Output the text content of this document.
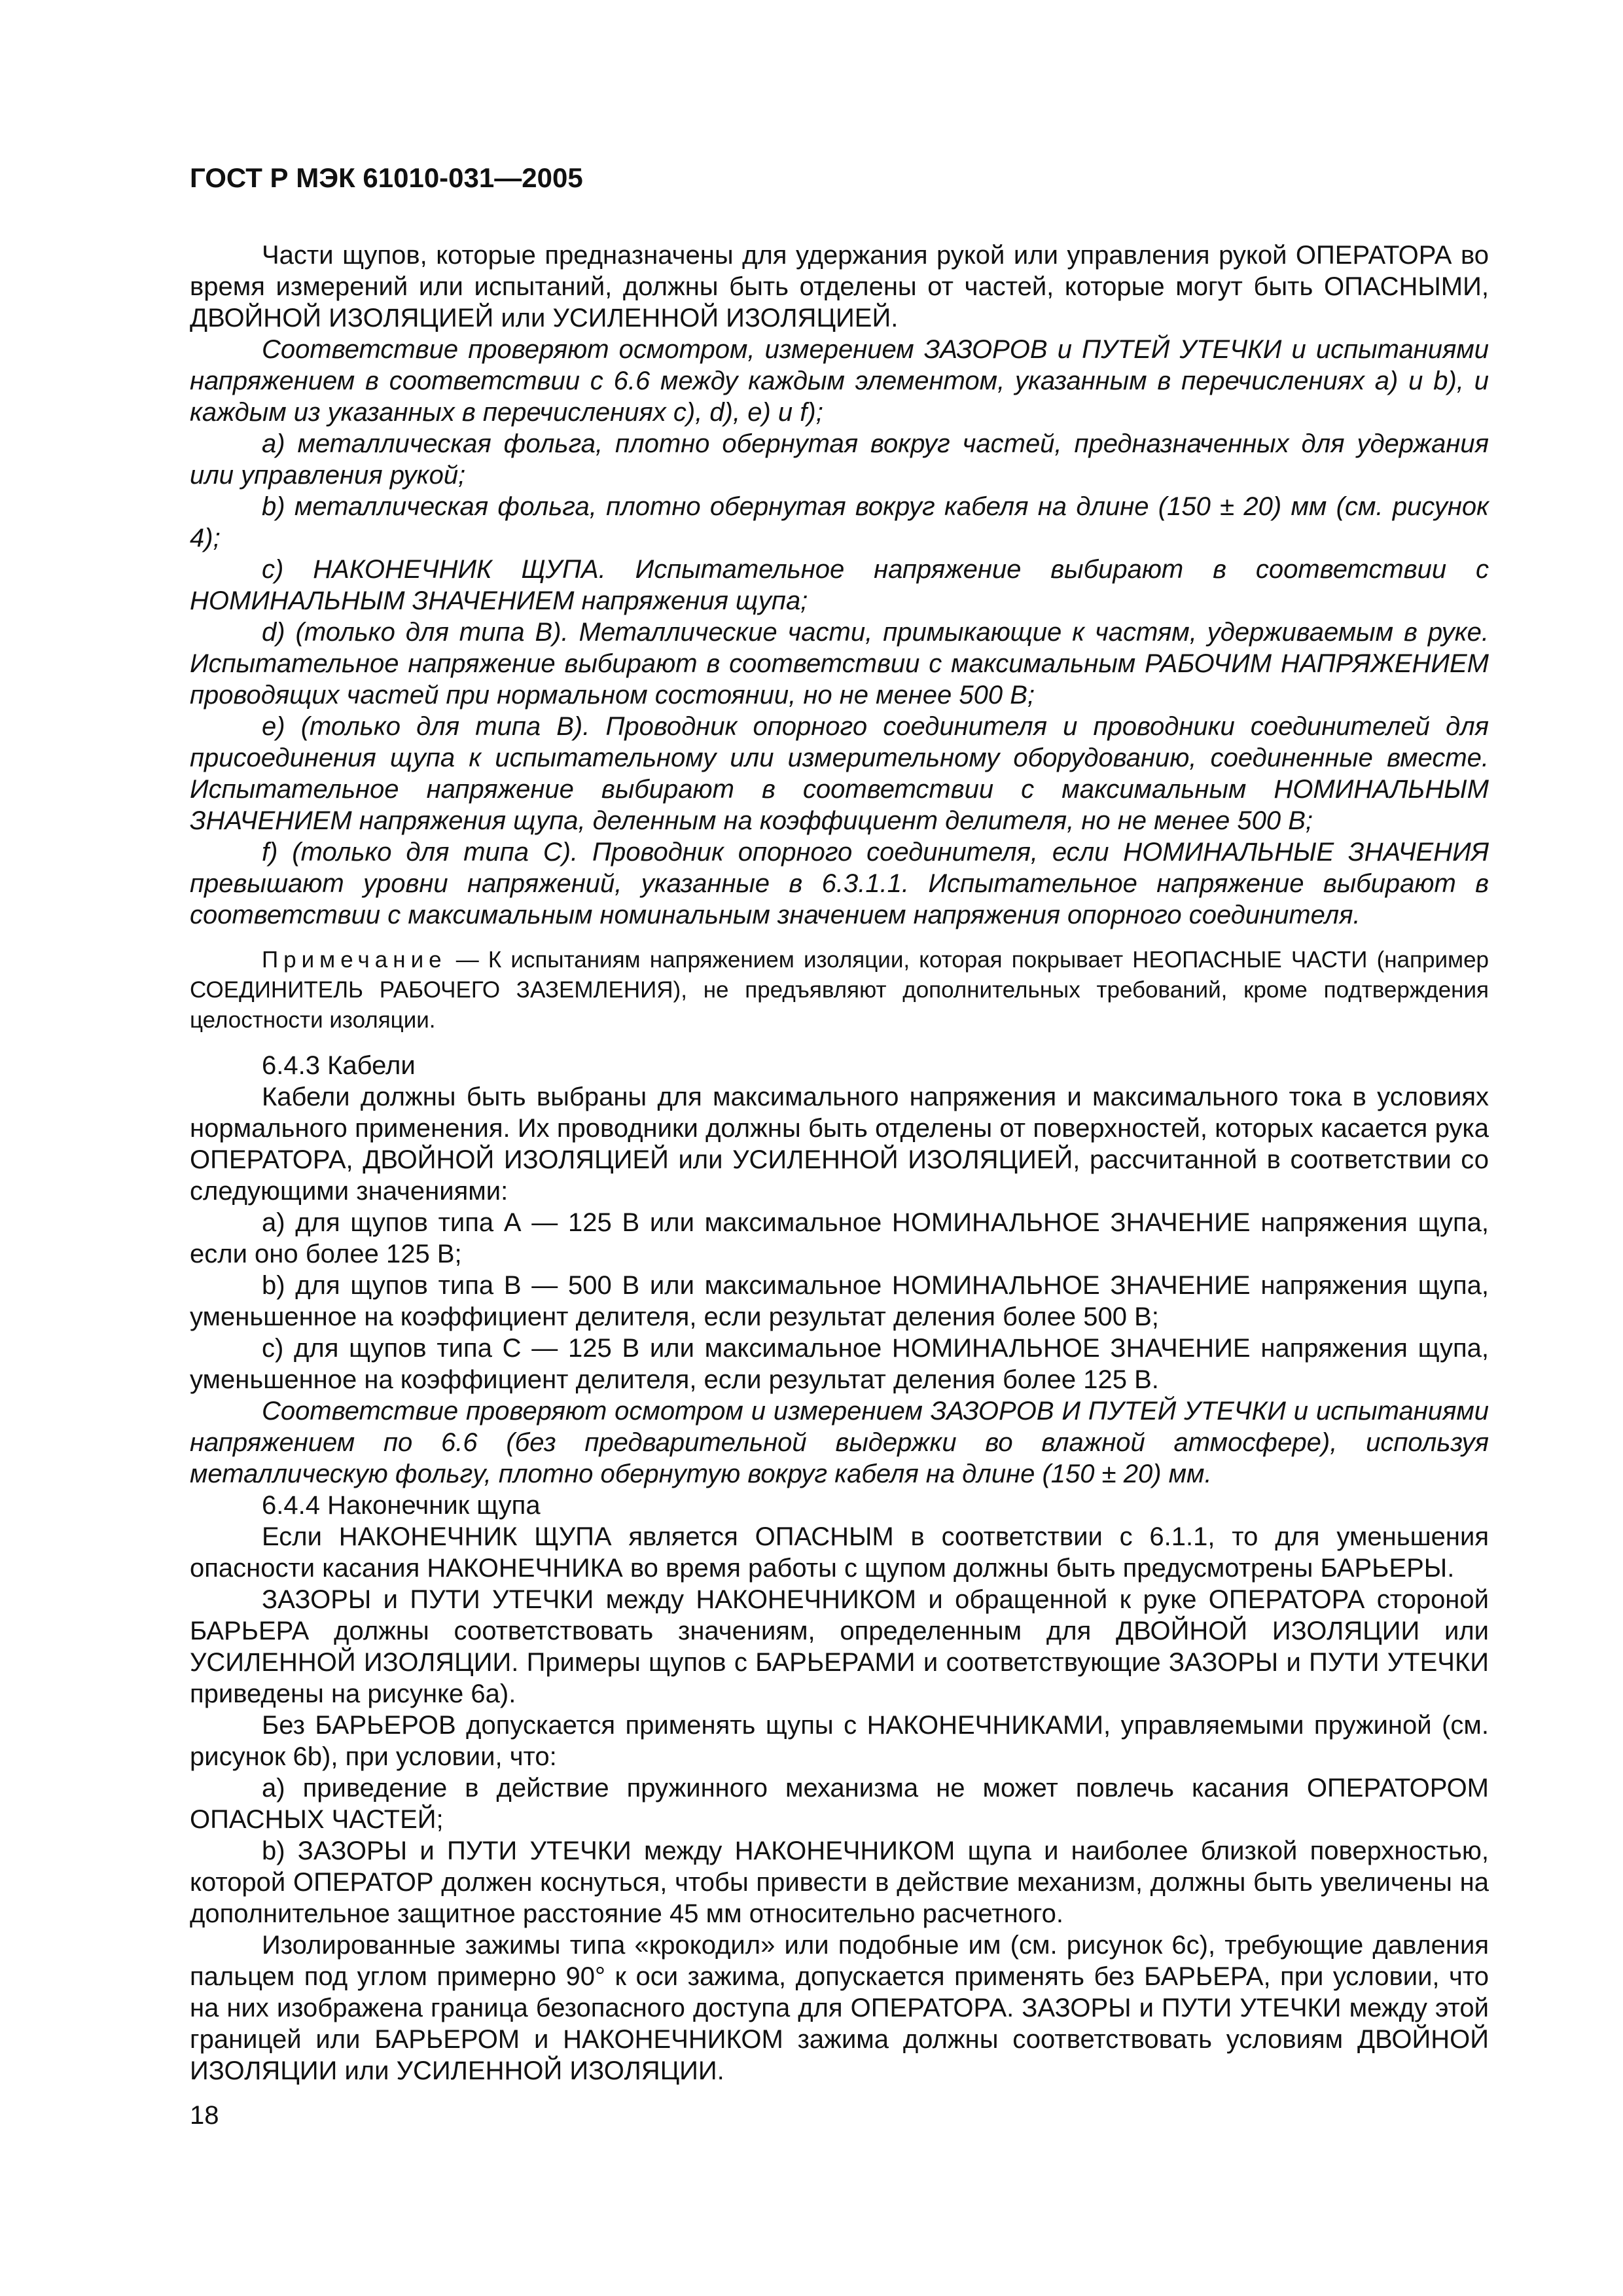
ГОСТ Р МЭК 61010-031—2005

Части щупов, которые предназначены для удержания рукой или управления рукой ОПЕРАТОРА во время измерений или испытаний, должны быть отделены от частей, которые могут быть ОПАСНЫМИ, ДВОЙНОЙ ИЗОЛЯЦИЕЙ или УСИЛЕННОЙ ИЗОЛЯЦИЕЙ.

Соответствие проверяют осмотром, измерением ЗАЗОРОВ и ПУТЕЙ УТЕЧКИ и испытаниями напряжением в соответствии с 6.6 между каждым элементом, указанным в перечислениях а) и b), и каждым из указанных в перечислениях с), d), е) и f);

a) металлическая фольга, плотно обернутая вокруг частей, предназначенных для удержания или управления рукой;

b) металлическая фольга, плотно обернутая вокруг кабеля на длине (150 ± 20) мм (см. рисунок 4);

c) НАКОНЕЧНИК ЩУПА. Испытательное напряжение выбирают в соответствии с НОМИНАЛЬНЫМ ЗНАЧЕНИЕМ напряжения щупа;

d) (только для типа В). Металлические части, примыкающие к частям, удерживаемым в руке. Испытательное напряжение выбирают в соответствии с максимальным РАБОЧИМ НАПРЯЖЕНИЕМ проводящих частей при нормальном состоянии, но не менее 500 В;

e) (только для типа В). Проводник опорного соединителя и проводники соединителей для присоединения щупа к испытательному или измерительному оборудованию, соединенные вместе. Испытательное напряжение выбирают в соответствии с максимальным НОМИНАЛЬНЫМ ЗНАЧЕНИЕМ напряжения щупа, деленным на коэффициент делителя, но не менее 500 В;

f) (только для типа С). Проводник опорного соединителя, если НОМИНАЛЬНЫЕ ЗНАЧЕНИЯ превышают уровни напряжений, указанные в 6.3.1.1. Испытательное напряжение выбирают в соответствии с максимальным номинальным значением напряжения опорного соединителя.

Примечание — К испытаниям напряжением изоляции, которая покрывает НЕОПАСНЫЕ ЧАСТИ (например СОЕДИНИТЕЛЬ РАБОЧЕГО ЗАЗЕМЛЕНИЯ), не предъявляют дополнительных требований, кроме подтверждения целостности изоляции.

6.4.3 Кабели

Кабели должны быть выбраны для максимального напряжения и максимального тока в условиях нормального применения. Их проводники должны быть отделены от поверхностей, которых касается рука ОПЕРАТОРА, ДВОЙНОЙ ИЗОЛЯЦИЕЙ или УСИЛЕННОЙ ИЗОЛЯЦИЕЙ, рассчитанной в соответствии со следующими значениями:

a) для щупов типа А — 125 В или максимальное НОМИНАЛЬНОЕ ЗНАЧЕНИЕ напряжения щупа, если оно более 125 В;

b) для щупов типа В — 500 В или максимальное НОМИНАЛЬНОЕ ЗНАЧЕНИЕ напряжения щупа, уменьшенное на коэффициент делителя, если результат деления более 500 В;

c) для щупов типа С — 125 В или максимальное НОМИНАЛЬНОЕ ЗНАЧЕНИЕ напряжения щупа, уменьшенное на коэффициент делителя, если результат деления более 125 В.

Соответствие проверяют осмотром и измерением ЗАЗОРОВ И ПУТЕЙ УТЕЧКИ и испытаниями напряжением по 6.6 (без предварительной выдержки во влажной атмосфере), используя металлическую фольгу, плотно обернутую вокруг кабеля на длине (150 ± 20) мм.

6.4.4 Наконечник щупа

Если НАКОНЕЧНИК ЩУПА является ОПАСНЫМ в соответствии с 6.1.1, то для уменьшения опасности касания НАКОНЕЧНИКА во время работы с щупом должны быть предусмотрены БАРЬЕРЫ.

ЗАЗОРЫ и ПУТИ УТЕЧКИ между НАКОНЕЧНИКОМ и обращенной к руке ОПЕРАТОРА стороной БАРЬЕРА должны соответствовать значениям, определенным для ДВОЙНОЙ ИЗОЛЯЦИИ или УСИЛЕННОЙ ИЗОЛЯЦИИ. Примеры щупов с БАРЬЕРАМИ и соответствующие ЗАЗОРЫ и ПУТИ УТЕЧКИ приведены на рисунке 6а).

Без БАРЬЕРОВ допускается применять щупы с НАКОНЕЧНИКАМИ, управляемыми пружиной (см. рисунок 6b), при условии, что:

a) приведение в действие пружинного механизма не может повлечь касания ОПЕРАТОРОМ ОПАСНЫХ ЧАСТЕЙ;

b) ЗАЗОРЫ и ПУТИ УТЕЧКИ между НАКОНЕЧНИКОМ щупа и наиболее близкой поверхностью, которой ОПЕРАТОР должен коснуться, чтобы привести в действие механизм, должны быть увеличены на дополнительное защитное расстояние 45 мм относительно расчетного.

Изолированные зажимы типа «крокодил» или подобные им (см. рисунок 6с), требующие давления пальцем под углом примерно 90° к оси зажима, допускается применять без БАРЬЕРА, при условии, что на них изображена граница безопасного доступа для ОПЕРАТОРА. ЗАЗОРЫ и ПУТИ УТЕЧКИ между этой границей или БАРЬЕРОМ и НАКОНЕЧНИКОМ зажима должны соответствовать условиям ДВОЙНОЙ ИЗОЛЯЦИИ или УСИЛЕННОЙ ИЗОЛЯЦИИ.

18
